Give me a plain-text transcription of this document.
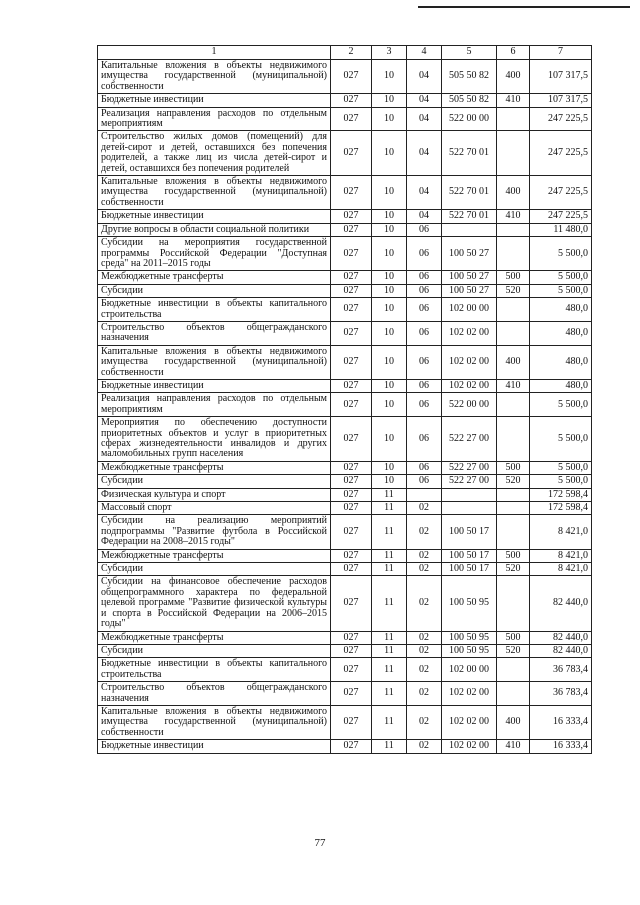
1	2	3	4	5	6	7
Капитальные вложения в объекты недвижимого имущества государственной (муниципальной) собственности	027	10	04	505 50 82	400	107 317,5
Бюджетные инвестиции	027	10	04	505 50 82	410	107 317,5
Реализация направления расходов по отдельным мероприятиям	027	10	04	522 00 00		247 225,5
Строительство жилых домов (помещений) для детей-сирот и детей, оставшихся без попечения родителей, а также лиц из числа детей-сирот и детей, оставшихся без попечения родителей	027	10	04	522 70 01		247 225,5
Капитальные вложения в объекты недвижимого имущества государственной (муниципальной) собственности	027	10	04	522 70 01	400	247 225,5
Бюджетные инвестиции	027	10	04	522 70 01	410	247 225,5
Другие вопросы в области социальной политики	027	10	06			11 480,0
Субсидии на мероприятия государственной программы Российской Федерации "Доступная среда" на 2011–2015 годы	027	10	06	100 50 27		5 500,0
Межбюджетные трансферты	027	10	06	100 50 27	500	5 500,0
Субсидии	027	10	06	100 50 27	520	5 500,0
Бюджетные инвестиции в объекты капитального строительства	027	10	06	102 00 00		480,0
Строительство объектов общегражданского назначения	027	10	06	102 02 00		480,0
Капитальные вложения в объекты недвижимого имущества государственной (муниципальной) собственности	027	10	06	102 02 00	400	480,0
Бюджетные инвестиции	027	10	06	102 02 00	410	480,0
Реализация направления расходов по отдельным мероприятиям	027	10	06	522 00 00		5 500,0
Мероприятия по обеспечению доступности приоритетных объектов и услуг в приоритетных сферах жизнедеятельности инвалидов и других маломобильных групп населения	027	10	06	522 27 00		5 500,0
Межбюджетные трансферты	027	10	06	522 27 00	500	5 500,0
Субсидии	027	10	06	522 27 00	520	5 500,0
Физическая культура и спорт	027	11				172 598,4
Массовый спорт	027	11	02			172 598,4
Субсидии на реализацию мероприятий подпрограммы "Развитие футбола в Российской Федерации на 2008–2015 годы"	027	11	02	100 50 17		8 421,0
Межбюджетные трансферты	027	11	02	100 50 17	500	8 421,0
Субсидии	027	11	02	100 50 17	520	8 421,0
Субсидии на финансовое обеспечение расходов общепрограммного характера по федеральной целевой программе "Развитие физической культуры и спорта в Российской Федерации на 2006–2015 годы"	027	11	02	100 50 95		82 440,0
Межбюджетные трансферты	027	11	02	100 50 95	500	82 440,0
Субсидии	027	11	02	100 50 95	520	82 440,0
Бюджетные инвестиции в объекты капитального строительства	027	11	02	102 00 00		36 783,4
Строительство объектов общегражданского назначения	027	11	02	102 02 00		36 783,4
Капитальные вложения в объекты недвижимого имущества государственной (муниципальной) собственности	027	11	02	102 02 00	400	16 333,4
Бюджетные инвестиции	027	11	02	102 02 00	410	16 333,4
77
